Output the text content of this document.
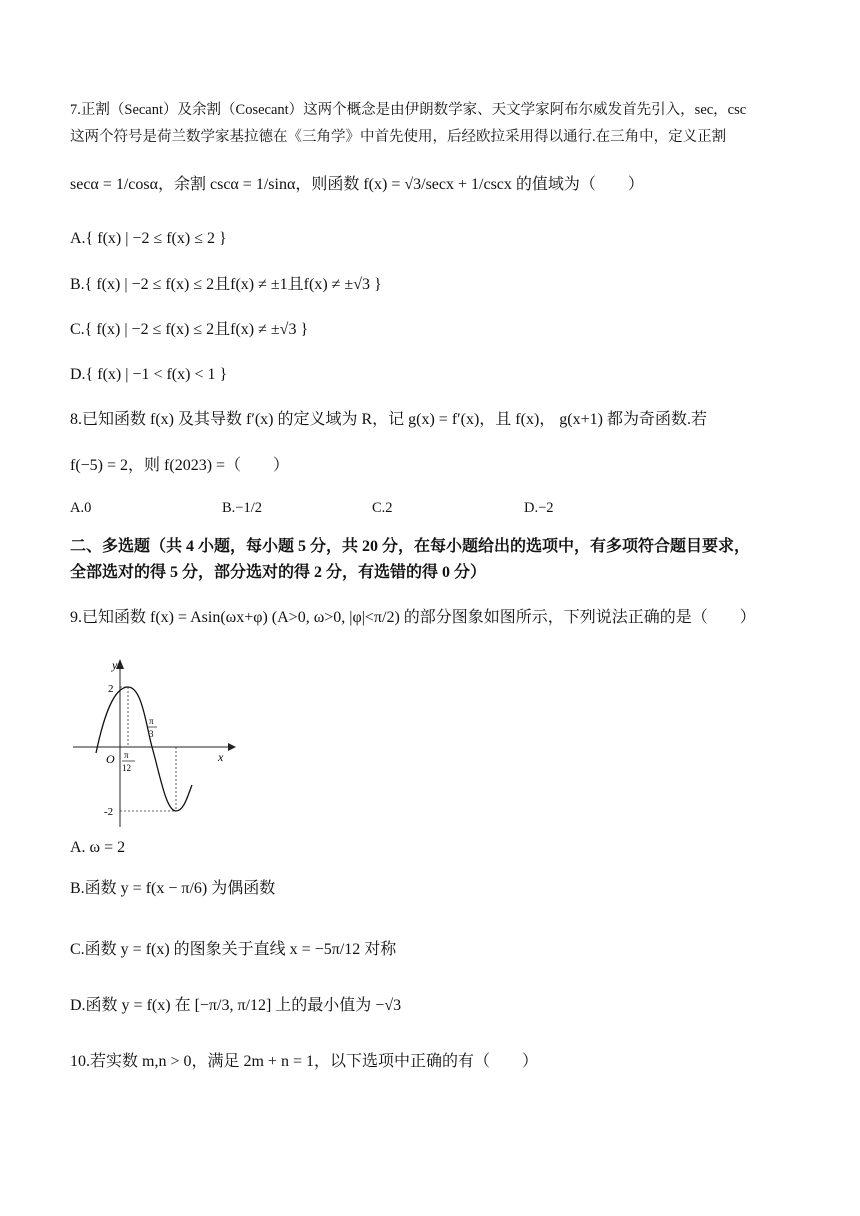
7.正割（Secant）及余割（Cosecant）这两个概念是由伊朗数学家、天文学家阿布尔威发首先引入，sec，csc
这两个符号是荷兰数学家基拉德在《三角学》中首先使用，后经欧拉采用得以通行.在三角中，定义正割
secα = 1/cosα，余割 cscα = 1/sinα，则函数 f(x) = √3/secx + 1/cscx 的值域为（　　）
A.{ f(x) | −2 ≤ f(x) ≤ 2 }
B.{ f(x) | −2 ≤ f(x) ≤ 2且f(x) ≠ ±1且f(x) ≠ ±√3 }
C.{ f(x) | −2 ≤ f(x) ≤ 2且f(x) ≠ ±√3 }
D.{ f(x) | −1 < f(x) < 1 }
8.已知函数 f(x) 及其导数 f′(x) 的定义域为 R，记 g(x) = f′(x)，且 f(x)， g(x+1) 都为奇函数.若
f(−5) = 2，则 f(2023) =（　　）
A.0	B.−1/2	C.2	D.−2
二、多选题（共 4 小题，每小题 5 分，共 20 分，在每小题给出的选项中，有多项符合题目要求，
全部选对的得 5 分，部分选对的得 2 分，有选错的得 0 分）
9.已知函数 f(x) = Asin(ωx+φ) (A>0, ω>0, |φ|<π/2) 的部分图象如图所示，下列说法正确的是（　　）
y
x
O
2
-2
π
12
π
3
A. ω = 2
B.函数 y = f(x − π/6) 为偶函数
C.函数 y = f(x) 的图象关于直线 x = −5π/12 对称
D.函数 y = f(x) 在 [−π/3, π/12] 上的最小值为 −√3
10.若实数 m,n > 0，满足 2m + n = 1，以下选项中正确的有（　　）
